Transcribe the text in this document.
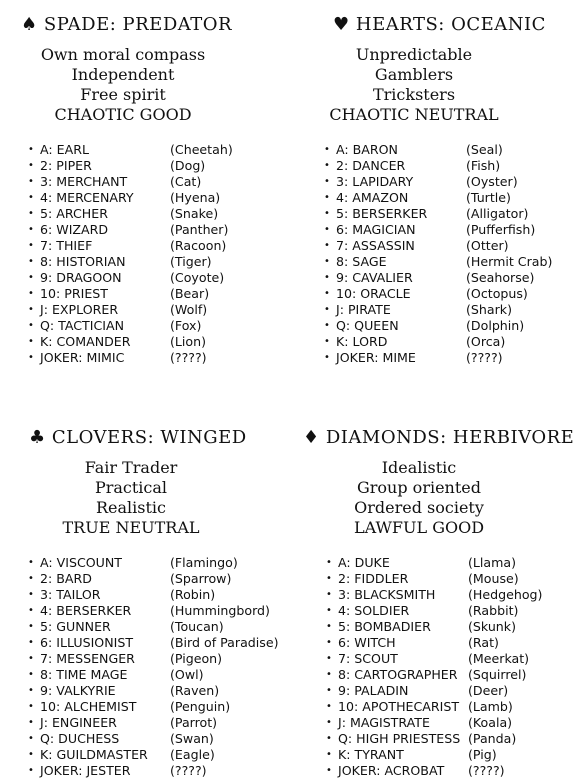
♠ SPADE: PREDATOR
Own moral compass
Independent
Free spirit
CHAOTIC GOOD
• A: EARL	(Cheetah)
• 2: PIPER	(Dog)
• 3: MERCHANT	(Cat)
• 4: MERCENARY	(Hyena)
• 5: ARCHER	(Snake)
• 6: WIZARD	(Panther)
• 7: THIEF	(Racoon)
• 8: HISTORIAN	(Tiger)
• 9: DRAGOON	(Coyote)
• 10: PRIEST	(Bear)
• J: EXPLORER	(Wolf)
• Q: TACTICIAN	(Fox)
• K: COMANDER	(Lion)
• JOKER: MIMIC	(????)
♥ HEARTS: OCEANIC
Unpredictable
Gamblers
Tricksters
CHAOTIC NEUTRAL
• A: BARON	(Seal)
• 2: DANCER	(Fish)
• 3: LAPIDARY	(Oyster)
• 4: AMAZON	(Turtle)
• 5: BERSERKER	(Alligator)
• 6: MAGICIAN	(Pufferfish)
• 7: ASSASSIN	(Otter)
• 8: SAGE	(Hermit Crab)
• 9: CAVALIER	(Seahorse)
• 10: ORACLE	(Octopus)
• J: PIRATE	(Shark)
• Q: QUEEN	(Dolphin)
• K: LORD	(Orca)
• JOKER: MIME	(????)
♣ CLOVERS: WINGED
Fair Trader
Practical
Realistic
TRUE NEUTRAL
• A: VISCOUNT	(Flamingo)
• 2: BARD	(Sparrow)
• 3: TAILOR	(Robin)
• 4: BERSERKER	(Hummingbord)
• 5: GUNNER	(Toucan)
• 6: ILLUSIONIST	(Bird of Paradise)
• 7: MESSENGER	(Pigeon)
• 8: TIME MAGE	(Owl)
• 9: VALKYRIE	(Raven)
• 10: ALCHEMIST	(Penguin)
• J: ENGINEER	(Parrot)
• Q: DUCHESS	(Swan)
• K: GUILDMASTER (Eagle)
• JOKER: JESTER	(????)
♦ DIAMONDS: HERBIVORE
Idealistic
Group oriented
Ordered society
LAWFUL GOOD
• A: DUKE	(Llama)
• 2: FIDDLER	(Mouse)
• 3: BLACKSMITH	(Hedgehog)
• 4: SOLDIER	(Rabbit)
• 5: BOMBADIER	(Skunk)
• 6: WITCH	(Rat)
• 7: SCOUT	(Meerkat)
• 8: CARTOGRAPHER (Squirrel)
• 9: PALADIN	(Deer)
• 10: APOTHECARIST (Lamb)
• J: MAGISTRATE	(Koala)
• Q: HIGH PRIESTESS (Panda)
• K: TYRANT	(Pig)
• JOKER: ACROBAT (????)
